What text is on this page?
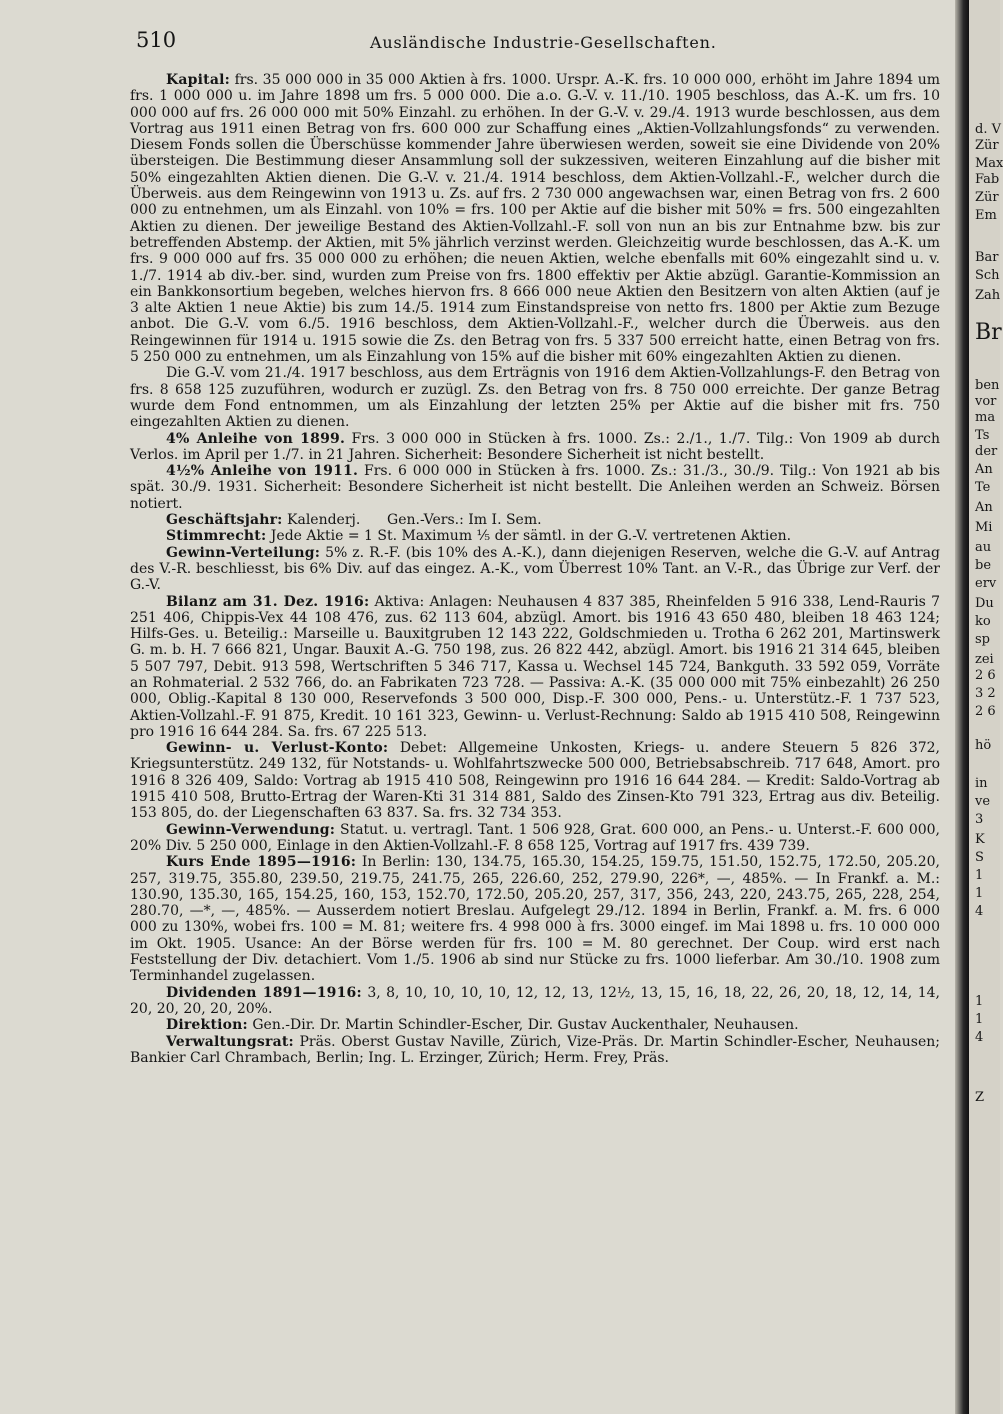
510	Ausländische Industrie-Gesellschaften.

Kapital: frs. 35 000 000 in 35 000 Aktien à frs. 1000. Urspr. A.-K. frs. 10 000 000, erhöht im Jahre 1894 um frs. 1 000 000 u. im Jahre 1898 um frs. 5 000 000. Die a.o. G.-V. v. 11./10. 1905 beschloss, das A.-K. um frs. 10 000 000 auf frs. 26 000 000 mit 50% Einzahl. zu erhöhen. In der G.-V. v. 29./4. 1913 wurde beschlossen, aus dem Vortrag aus 1911 einen Betrag von frs. 600 000 zur Schaffung eines „Aktien-Vollzahlungsfonds“ zu verwenden. Diesem Fonds sollen die Überschüsse kommender Jahre überwiesen werden, soweit sie eine Dividende von 20% übersteigen. Die Bestimmung dieser Ansammlung soll der sukzessiven, weiteren Einzahlung auf die bisher mit 50% eingezahlten Aktien dienen. Die G.-V. v. 21./4. 1914 beschloss, dem Aktien-Vollzahl.-F., welcher durch die Überweis. aus dem Reingewinn von 1913 u. Zs. auf frs. 2 730 000 angewachsen war, einen Betrag von frs. 2 600 000 zu entnehmen, um als Einzahl. von 10% = frs. 100 per Aktie auf die bisher mit 50% = frs. 500 eingezahlten Aktien zu dienen. Der jeweilige Bestand des Aktien-Vollzahl.-F. soll von nun an bis zur Entnahme bzw. bis zur betreffenden Abstemp. der Aktien, mit 5% jährlich verzinst werden. Gleichzeitig wurde beschlossen, das A.-K. um frs. 9 000 000 auf frs. 35 000 000 zu erhöhen; die neuen Aktien, welche ebenfalls mit 60% eingezahlt sind u. v. 1./7. 1914 ab div.-ber. sind, wurden zum Preise von frs. 1800 effektiv per Aktie abzügl. Garantie-Kommission an ein Bankkonsortium begeben, welches hiervon frs. 8 666 000 neue Aktien den Besitzern von alten Aktien (auf je 3 alte Aktien 1 neue Aktie) bis zum 14./5. 1914 zum Einstandspreise von netto frs. 1800 per Aktie zum Bezuge anbot. Die G.-V. vom 6./5. 1916 beschloss, dem Aktien-Vollzahl.-F., welcher durch die Überweis. aus den Reingewinnen für 1914 u. 1915 sowie die Zs. den Betrag von frs. 5 337 500 erreicht hatte, einen Betrag von frs. 5 250 000 zu entnehmen, um als Einzahlung von 15% auf die bisher mit 60% eingezahlten Aktien zu dienen.

Die G.-V. vom 21./4. 1917 beschloss, aus dem Erträgnis von 1916 dem Aktien-Vollzahlungs-F. den Betrag von frs. 8 658 125 zuzuführen, wodurch er zuzügl. Zs. den Betrag von frs. 8 750 000 erreichte. Der ganze Betrag wurde dem Fond entnommen, um als Einzahlung der letzten 25% per Aktie auf die bisher mit frs. 750 eingezahlten Aktien zu dienen.

4% Anleihe von 1899. Frs. 3 000 000 in Stücken à frs. 1000. Zs.: 2./1., 1./7. Tilg.: Von 1909 ab durch Verlos. im April per 1./7. in 21 Jahren. Sicherheit: Besondere Sicherheit ist nicht bestellt.

4½% Anleihe von 1911. Frs. 6 000 000 in Stücken à frs. 1000. Zs.: 31./3., 30./9. Tilg.: Von 1921 ab bis spät. 30./9. 1931. Sicherheit: Besondere Sicherheit ist nicht bestellt. Die Anleihen werden an Schweiz. Börsen notiert.

Geschäftsjahr: Kalenderj.      Gen.-Vers.: Im I. Sem.

Stimmrecht: Jede Aktie = 1 St. Maximum ⅕ der sämtl. in der G.-V. vertretenen Aktien.

Gewinn-Verteilung: 5% z. R.-F. (bis 10% des A.-K.), dann diejenigen Reserven, welche die G.-V. auf Antrag des V.-R. beschliesst, bis 6% Div. auf das eingez. A.-K., vom Überrest 10% Tant. an V.-R., das Übrige zur Verf. der G.-V.

Bilanz am 31. Dez. 1916: Aktiva: Anlagen: Neuhausen 4 837 385, Rheinfelden 5 916 338, Lend-Rauris 7 251 406, Chippis-Vex 44 108 476, zus. 62 113 604, abzügl. Amort. bis 1916 43 650 480, bleiben 18 463 124; Hilfs-Ges. u. Beteilig.: Marseille u. Bauxitgruben 12 143 222, Goldschmieden u. Trotha 6 262 201, Martinswerk G. m. b. H. 7 666 821, Ungar. Bauxit A.-G. 750 198, zus. 26 822 442, abzügl. Amort. bis 1916 21 314 645, bleiben 5 507 797, Debit. 913 598, Wertschriften 5 346 717, Kassa u. Wechsel 145 724, Bankguth. 33 592 059, Vorräte an Rohmaterial. 2 532 766, do. an Fabrikaten 723 728. — Passiva: A.-K. (35 000 000 mit 75% einbezahlt) 26 250 000, Oblig.-Kapital 8 130 000, Reservefonds 3 500 000, Disp.-F. 300 000, Pens.- u. Unterstütz.-F. 1 737 523, Aktien-Vollzahl.-F. 91 875, Kredit. 10 161 323, Gewinn- u. Verlust-Rechnung: Saldo ab 1915 410 508, Reingewinn pro 1916 16 644 284. Sa. frs. 67 225 513.

Gewinn- u. Verlust-Konto: Debet: Allgemeine Unkosten, Kriegs- u. andere Steuern 5 826 372, Kriegsunterstütz. 249 132, für Notstands- u. Wohlfahrtszwecke 500 000, Betriebsabschreib. 717 648, Amort. pro 1916 8 326 409, Saldo: Vortrag ab 1915 410 508, Reingewinn pro 1916 16 644 284. — Kredit: Saldo-Vortrag ab 1915 410 508, Brutto-Ertrag der Waren-Kti 31 314 881, Saldo des Zinsen-Kto 791 323, Ertrag aus div. Beteilig. 153 805, do. der Liegenschaften 63 837. Sa. frs. 32 734 353.

Gewinn-Verwendung: Statut. u. vertragl. Tant. 1 506 928, Grat. 600 000, an Pens.- u. Unterst.-F. 600 000, 20% Div. 5 250 000, Einlage in den Aktien-Vollzahl.-F. 8 658 125, Vortrag auf 1917 frs. 439 739.

Kurs Ende 1895—1916: In Berlin: 130, 134.75, 165.30, 154.25, 159.75, 151.50, 152.75, 172.50, 205.20, 257, 319.75, 355.80, 239.50, 219.75, 241.75, 265, 226.60, 252, 279.90, 226*, —, 485%. — In Frankf. a. M.: 130.90, 135.30, 165, 154.25, 160, 153, 152.70, 172.50, 205.20, 257, 317, 356, 243, 220, 243.75, 265, 228, 254, 280.70, —*, —, 485%. — Ausserdem notiert Breslau. Aufgelegt 29./12. 1894 in Berlin, Frankf. a. M. frs. 6 000 000 zu 130%, wobei frs. 100 = M. 81; weitere frs. 4 998 000 à frs. 3000 eingef. im Mai 1898 u. frs. 10 000 000 im Okt. 1905. Usance: An der Börse werden für frs. 100 = M. 80 gerechnet. Der Coup. wird erst nach Feststellung der Div. detachiert. Vom 1./5. 1906 ab sind nur Stücke zu frs. 1000 lieferbar. Am 30./10. 1908 zum Terminhandel zugelassen.

Dividenden 1891—1916: 3, 8, 10, 10, 10, 10, 12, 12, 13, 12½, 13, 15, 16, 18, 22, 26, 20, 18, 12, 14, 14, 20, 20, 20, 20, 20%.

Direktion: Gen.-Dir. Dr. Martin Schindler-Escher, Dir. Gustav Auckenthaler, Neuhausen.

Verwaltungsrat: Präs. Oberst Gustav Naville, Zürich, Vize-Präs. Dr. Martin Schindler-Escher, Neuhausen; Bankier Carl Chrambach, Berlin; Ing. L. Erzinger, Zürich; Herm. Frey, Präs.

d. V
Zür
Max
Fab
Zür
Em
Bar
Sch
Zah
Br
ben
vor
ma
Ts
der
An
Te
An
Mi
au
be
erv
Du
ko
sp
zei
2 6
3 2
2 6
hö
in
ve
3
K
S
1
1
4
1
1
4
Z
